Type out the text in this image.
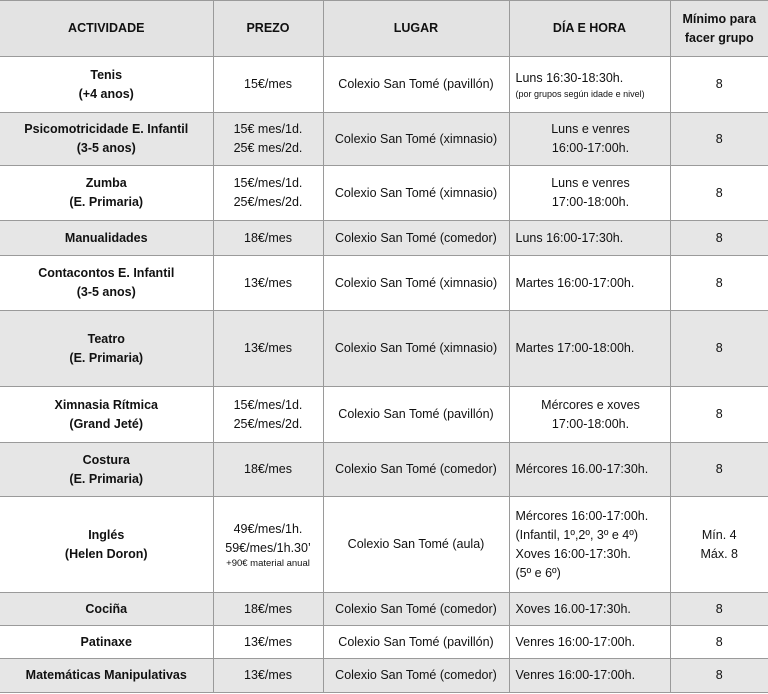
ACTIVIDADE	PREZO	LUGAR	DÍA E HORA	Mínimo para
facer grupo

Tenis
(+4 anos)	15€/mes	Colexio San Tomé (pavillón)	Luns 16:30-18:30h.
(por grupos según idade e nivel)	8

Psicomotricidade E. Infantil
(3-5 anos)	15€ mes/1d.
25€ mes/2d.	Colexio San Tomé (ximnasio)	Luns e venres
16:00-17:00h.	8

Zumba
(E. Primaria)	15€/mes/1d.
25€/mes/2d.	Colexio San Tomé (ximnasio)	Luns e venres
17:00-18:00h.	8

Manualidades	18€/mes	Colexio San Tomé (comedor)	Luns 16:00-17:30h.	8

Contacontos E. Infantil
(3-5 anos)	13€/mes	Colexio San Tomé (ximnasio)	Martes 16:00-17:00h.	8

Teatro
(E. Primaria)	13€/mes	Colexio San Tomé (ximnasio)	Martes 17:00-18:00h.	8

Ximnasia Rítmica
(Grand Jeté)	15€/mes/1d.
25€/mes/2d.	Colexio San Tomé (pavillón)	Mércores e xoves
17:00-18:00h.	8

Costura
(E. Primaria)	18€/mes	Colexio San Tomé (comedor)	Mércores 16.00-17:30h.	8

Inglés
(Helen Doron)	49€/mes/1h.
59€/mes/1h.30’
+90€ material anual	Colexio San Tomé (aula)	Mércores 16:00-17:00h.
(Infantil, 1º,2º, 3º e 4º)
Xoves 16:00-17:30h.
(5º e 6º)	Mín. 4
Máx. 8

Cociña	18€/mes	Colexio San Tomé (comedor)	Xoves 16.00-17:30h.	8

Patinaxe	13€/mes	Colexio San Tomé (pavillón)	Venres 16:00-17:00h.	8

Matemáticas Manipulativas	13€/mes	Colexio San Tomé (comedor)	Venres 16:00-17:00h.	8
